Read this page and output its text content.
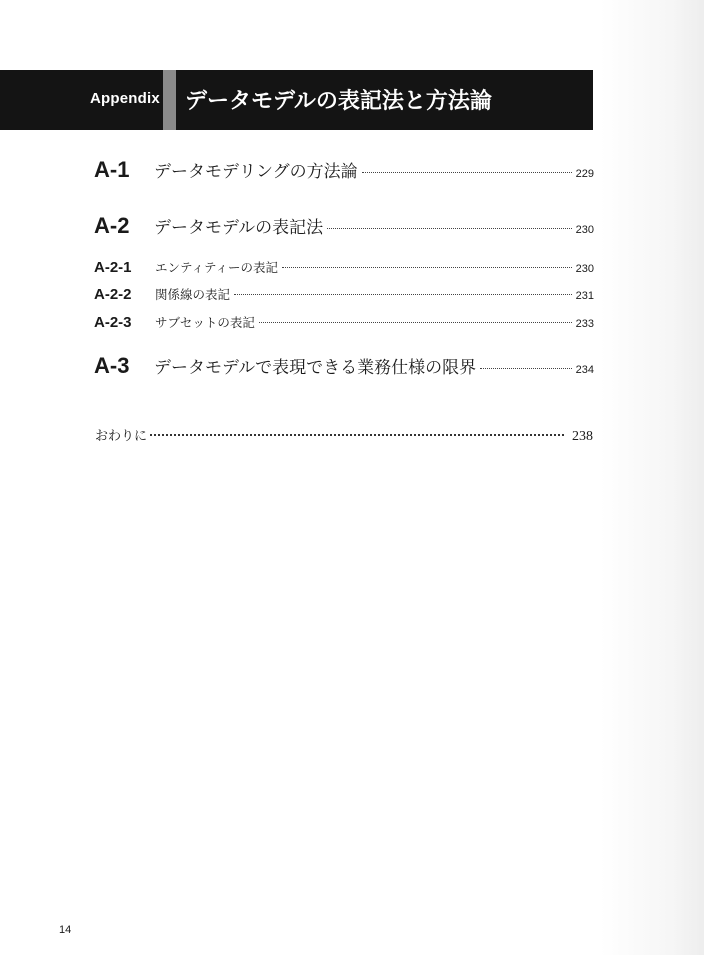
Appendix データモデルの表記法と方法論
A-1	データモデリングの方法論	229
A-2	データモデルの表記法	230
A-2-1	エンティティーの表記	230
A-2-2	関係線の表記	231
A-2-3	サブセットの表記	233
A-3	データモデルで表現できる業務仕様の限界	234
おわりに	238
14
